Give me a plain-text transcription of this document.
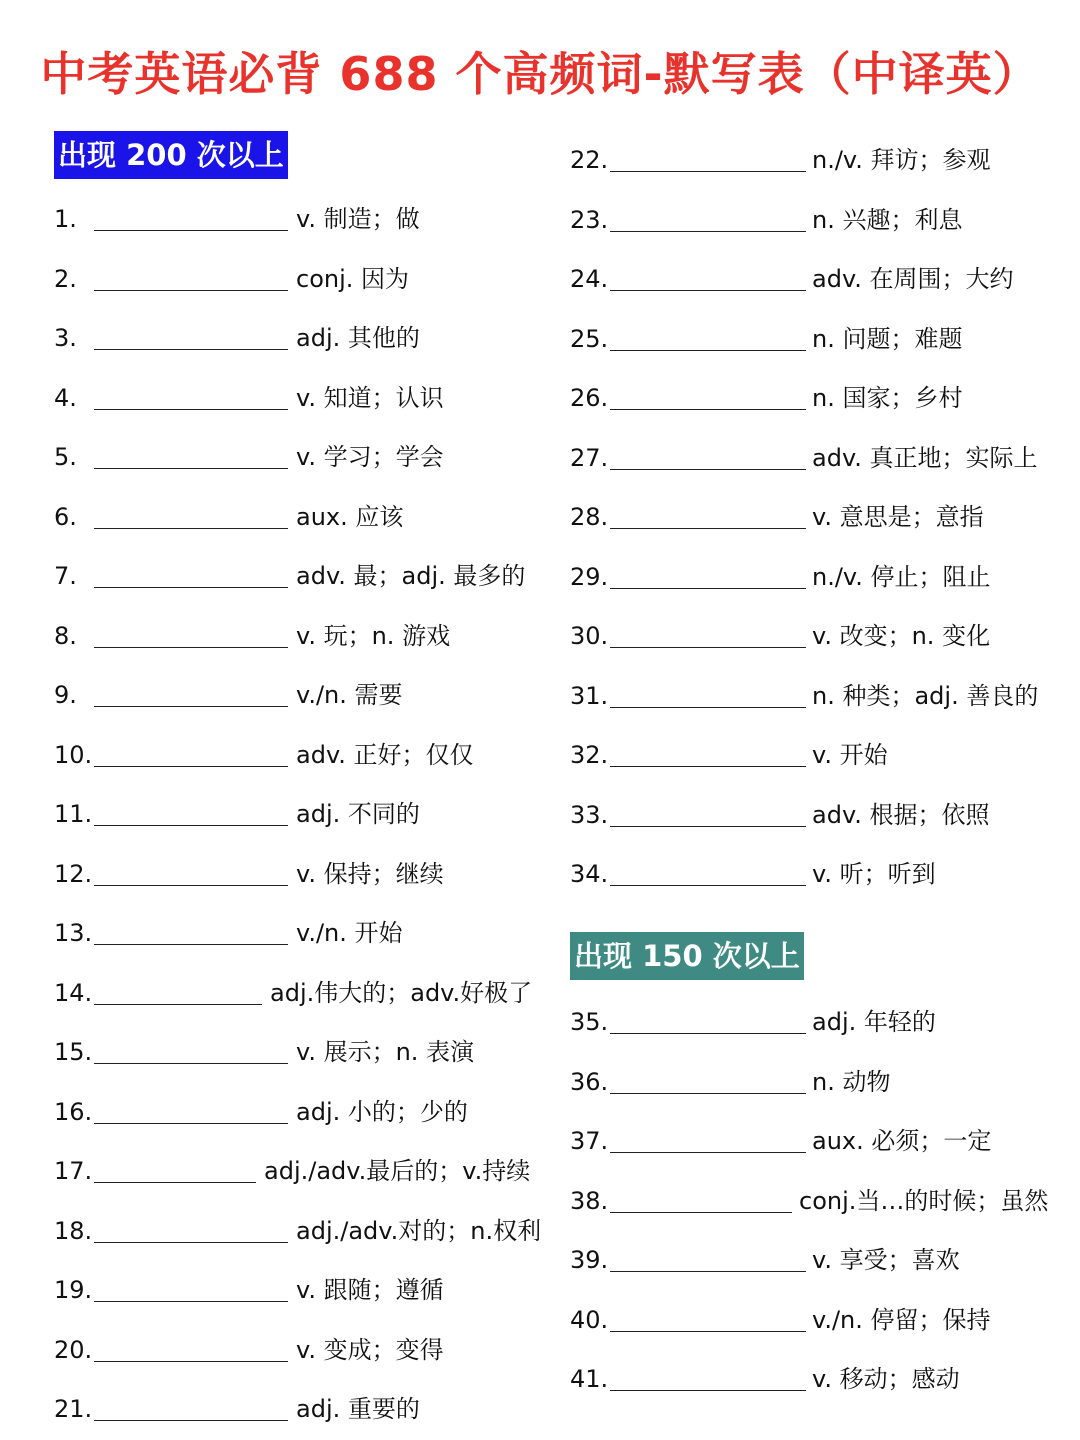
中考英语必背 688 个高频词-默写表（中译英）
出现 200 次以上
出现 150 次以上
1.	v. 制造；做
2.	conj. 因为
3.	adj. 其他的
4.	v. 知道；认识
5.	v. 学习；学会
6.	aux. 应该
7.	adv. 最；adj. 最多的
8.	v. 玩；n. 游戏
9.	v./n. 需要
10.	adv. 正好；仅仅
11.	adj. 不同的
12.	v. 保持；继续
13.	v./n. 开始
14.	adj.伟大的；adv.好极了
15.	v. 展示；n. 表演
16.	adj. 小的；少的
17.	adj./adv.最后的；v.持续
18.	adj./adv.对的；n.权利
19.	v. 跟随；遵循
20.	v. 变成；变得
21.	adj. 重要的
22.	n./v. 拜访；参观
23.	n. 兴趣；利息
24.	adv. 在周围；大约
25.	n. 问题；难题
26.	n. 国家；乡村
27.	adv. 真正地；实际上
28.	v. 意思是；意指
29.	n./v. 停止；阻止
30.	v. 改变；n. 变化
31.	n. 种类；adj. 善良的
32.	v. 开始
33.	adv. 根据；依照
34.	v. 听；听到
35.	adj. 年轻的
36.	n. 动物
37.	aux. 必须；一定
38.	conj.当…的时候；虽然
39.	v. 享受；喜欢
40.	v./n. 停留；保持
41.	v. 移动；感动
